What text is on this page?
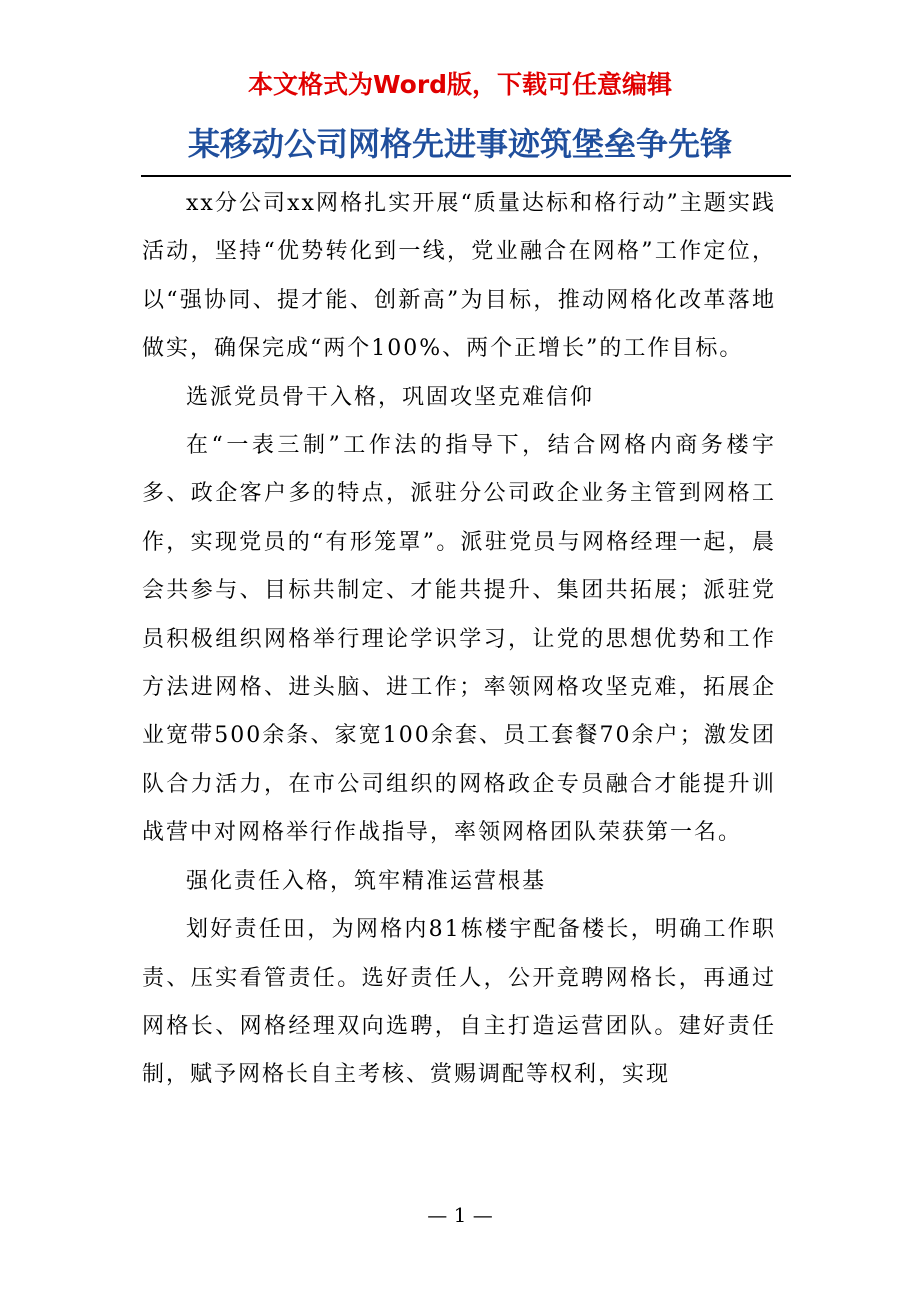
本文格式为Word版，下载可任意编辑
某移动公司网格先进事迹筑堡垒争先锋

xx分公司xx网格扎实开展“质量达标和格行动”主题实践活动，坚持“优势转化到一线，党业融合在网格”工作定位，以“强协同、提才能、创新高”为目标，推动网格化改革落地做实，确保完成“两个100%、两个正增长”的工作目标。

选派党员骨干入格，巩固攻坚克难信仰

在“一表三制”工作法的指导下，结合网格内商务楼宇多、政企客户多的特点，派驻分公司政企业务主管到网格工作，实现党员的“有形笼罩”。派驻党员与网格经理一起，晨会共参与、目标共制定、才能共提升、集团共拓展；派驻党员积极组织网格举行理论学识学习，让党的思想优势和工作方法进网格、进头脑、进工作；率领网格攻坚克难，拓展企业宽带500余条、家宽100余套、员工套餐70余户；激发团队合力活力，在市公司组织的网格政企专员融合才能提升训战营中对网格举行作战指导，率领网格团队荣获第一名。

强化责任入格，筑牢精准运营根基

划好责任田，为网格内81栋楼宇配备楼长，明确工作职责、压实看管责任。选好责任人，公开竞聘网格长，再通过网格长、网格经理双向选聘，自主打造运营团队。建好责任制，赋予网格长自主考核、赏赐调配等权利，实现

— 1 —
